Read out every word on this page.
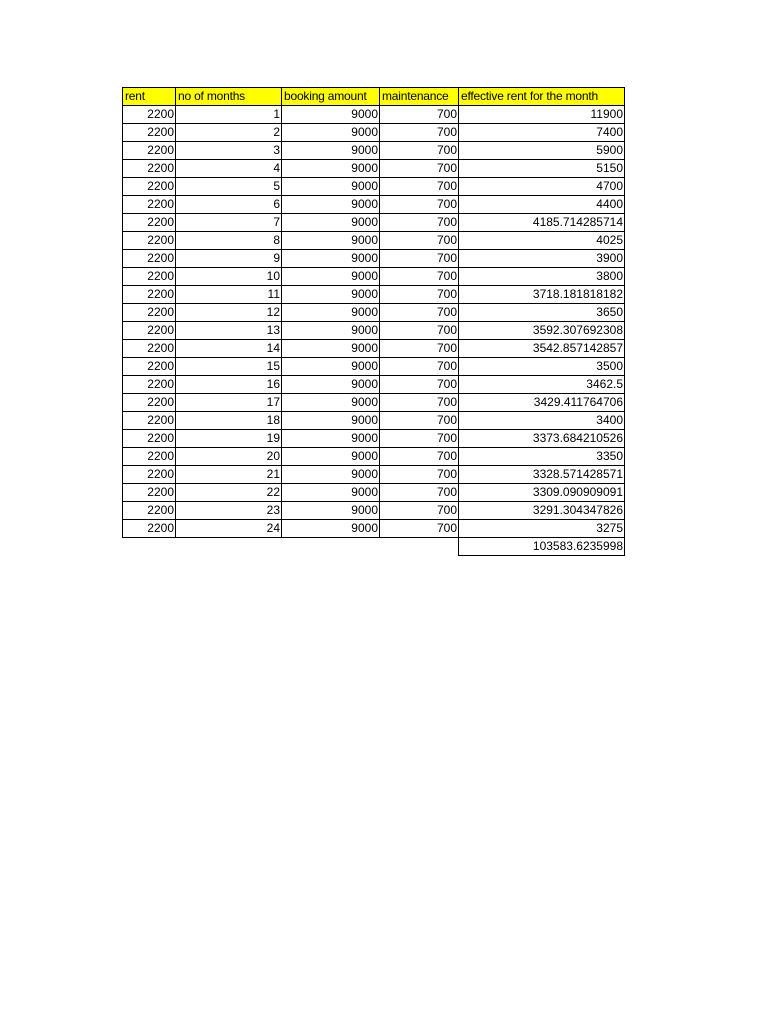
rent	no of months	booking amount	maintenance	effective rent for the month
2200	1	9000	700	11900
2200	2	9000	700	7400
2200	3	9000	700	5900
2200	4	9000	700	5150
2200	5	9000	700	4700
2200	6	9000	700	4400
2200	7	9000	700	4185.714285714
2200	8	9000	700	4025
2200	9	9000	700	3900
2200	10	9000	700	3800
2200	11	9000	700	3718.181818182
2200	12	9000	700	3650
2200	13	9000	700	3592.307692308
2200	14	9000	700	3542.857142857
2200	15	9000	700	3500
2200	16	9000	700	3462.5
2200	17	9000	700	3429.411764706
2200	18	9000	700	3400
2200	19	9000	700	3373.684210526
2200	20	9000	700	3350
2200	21	9000	700	3328.571428571
2200	22	9000	700	3309.090909091
2200	23	9000	700	3291.304347826
2200	24	9000	700	3275
				103583.6235998
